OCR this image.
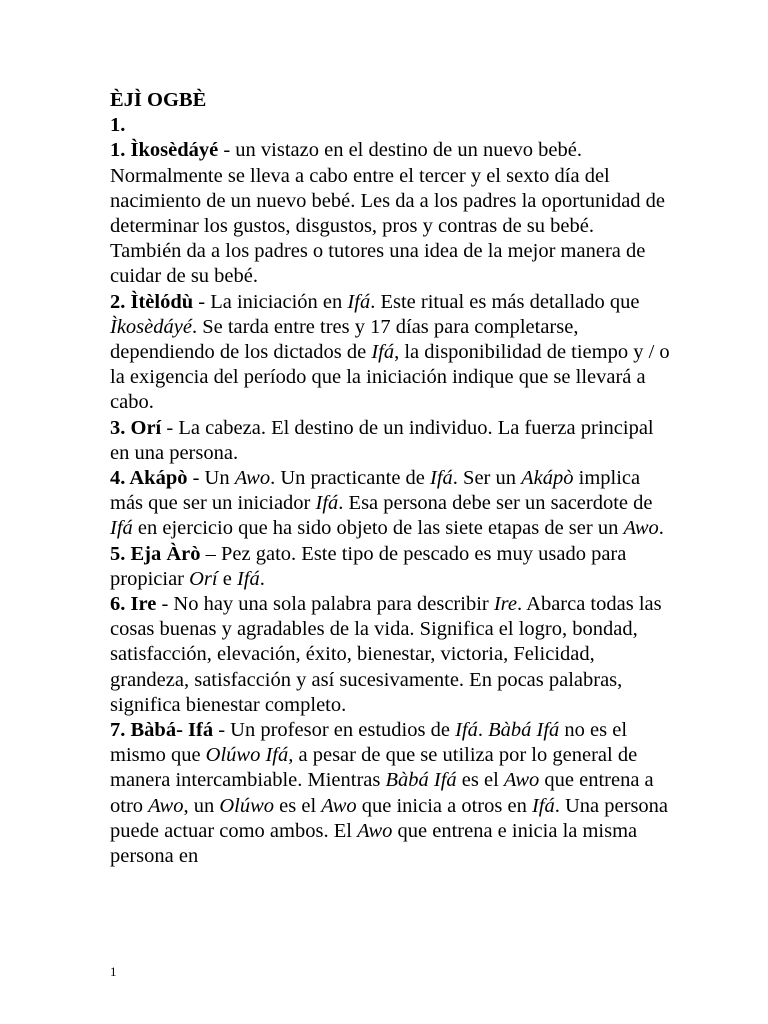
ÈJÌ OGBÈ

1.

1. Ìkosèdáyé - un vistazo en el destino de un nuevo bebé. Normalmente se lleva a cabo entre el tercer y el sexto día del nacimiento de un nuevo bebé. Les da a los padres la oportunidad de determinar los gustos, disgustos, pros y contras de su bebé. También da a los padres o tutores una idea de la mejor manera de cuidar de su bebé.

2. Ìtèlódù - La iniciación en Ifá. Este ritual es más detallado que Ìkosèdáyé. Se tarda entre tres y 17 días para completarse, dependiendo de los dictados de Ifá, la disponibilidad de tiempo y / o la exigencia del período que la iniciación indique que se llevará a cabo.

3. Orí - La cabeza. El destino de un individuo. La fuerza principal en una persona.

4. Akápò - Un Awo. Un practicante de Ifá. Ser un Akápò implica más que ser un iniciador Ifá. Esa persona debe ser un sacerdote de Ifá en ejercicio que ha sido objeto de las siete etapas de ser un Awo.

5. Eja Àrò – Pez gato. Este tipo de pescado es muy usado para propiciar Orí e Ifá.

6. Ire - No hay una sola palabra para describir Ire. Abarca todas las cosas buenas y agradables de la vida. Significa el logro, bondad, satisfacción, elevación, éxito, bienestar, victoria, Felicidad, grandeza, satisfacción y así sucesivamente. En pocas palabras, significa bienestar completo.

7. Bàbá- Ifá - Un profesor en estudios de Ifá. Bàbá Ifá no es el mismo que Olúwo Ifá, a pesar de que se utiliza por lo general de manera intercambiable. Mientras Bàbá Ifá es el Awo que entrena a otro Awo, un Olúwo es el Awo que inicia a otros en Ifá. Una persona puede actuar como ambos. El Awo que entrena e inicia la misma persona en

1
